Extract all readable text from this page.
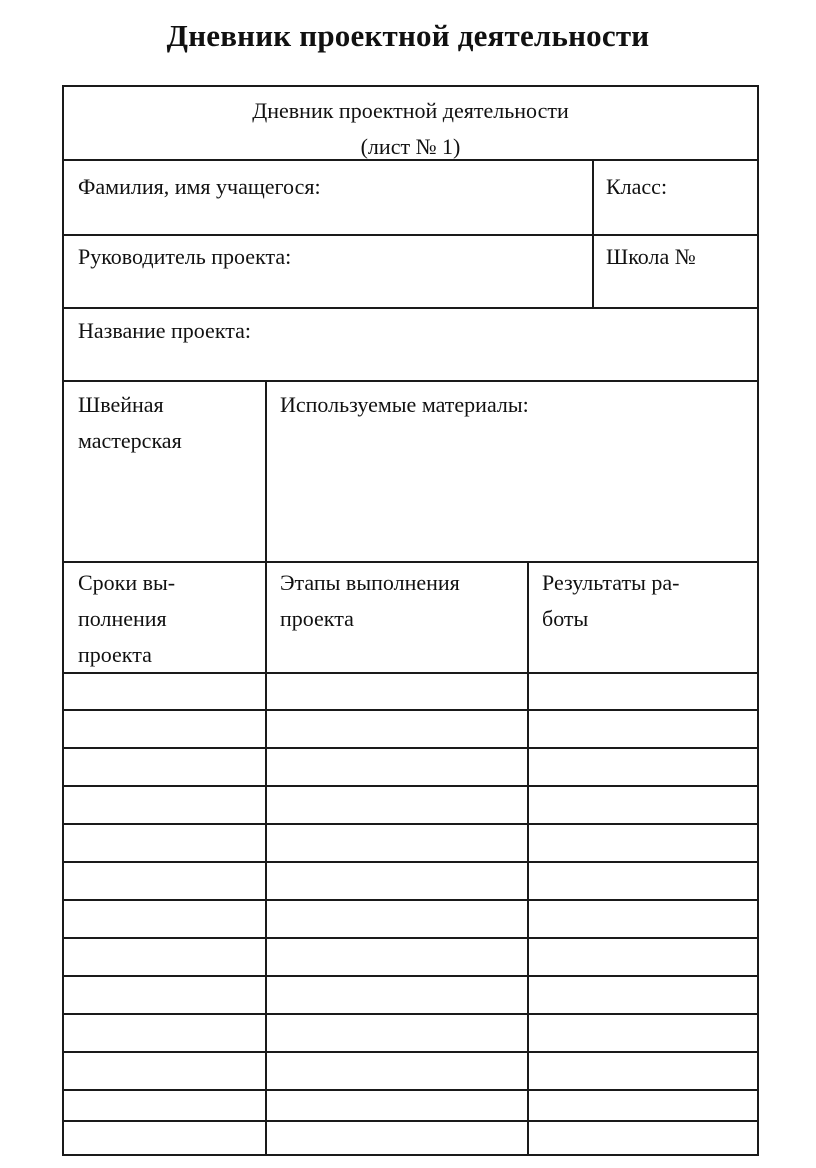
Дневник проектной деятельности
Дневник проектной деятельности
(лист № 1)
Фамилия, имя учащегося:	Класс:
Руководитель проекта:	Школа №
Название проекта:
Швейная
мастерская
Используемые материалы:
Сроки вы-
полнения
проекта
Этапы выполнения
проекта
Результаты ра-
боты
